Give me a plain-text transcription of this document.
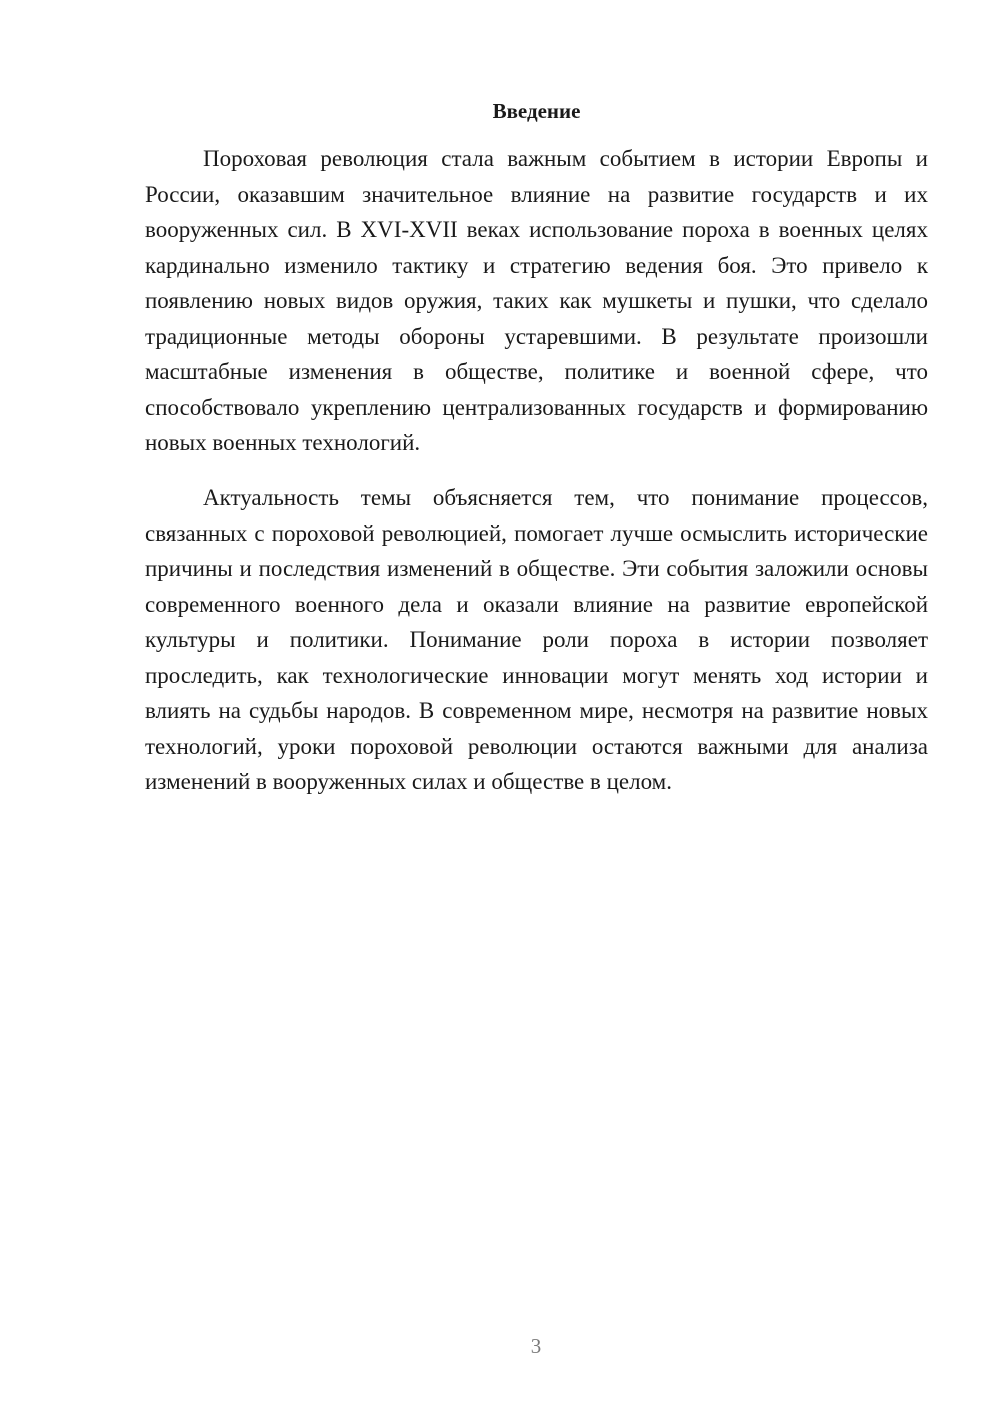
Введение

Пороховая революция стала важным событием в истории Европы и России, оказавшим значительное влияние на развитие государств и их вооруженных сил. В XVI-XVII веках использование пороха в военных целях кардинально изменило тактику и стратегию ведения боя. Это привело к появлению новых видов оружия, таких как мушкеты и пушки, что сделало традиционные методы обороны устаревшими. В результате произошли масштабные изменения в обществе, политике и военной сфере, что способствовало укреплению централизованных государств и формированию новых военных технологий.

Актуальность темы объясняется тем, что понимание процессов, связанных с пороховой революцией, помогает лучше осмыслить исторические причины и последствия изменений в обществе. Эти события заложили основы современного военного дела и оказали влияние на развитие европейской культуры и политики. Понимание роли пороха в истории позволяет проследить, как технологические инновации могут менять ход истории и влиять на судьбы народов. В современном мире, несмотря на развитие новых технологий, уроки пороховой революции остаются важными для анализа изменений в вооруженных силах и обществе в целом.

3
